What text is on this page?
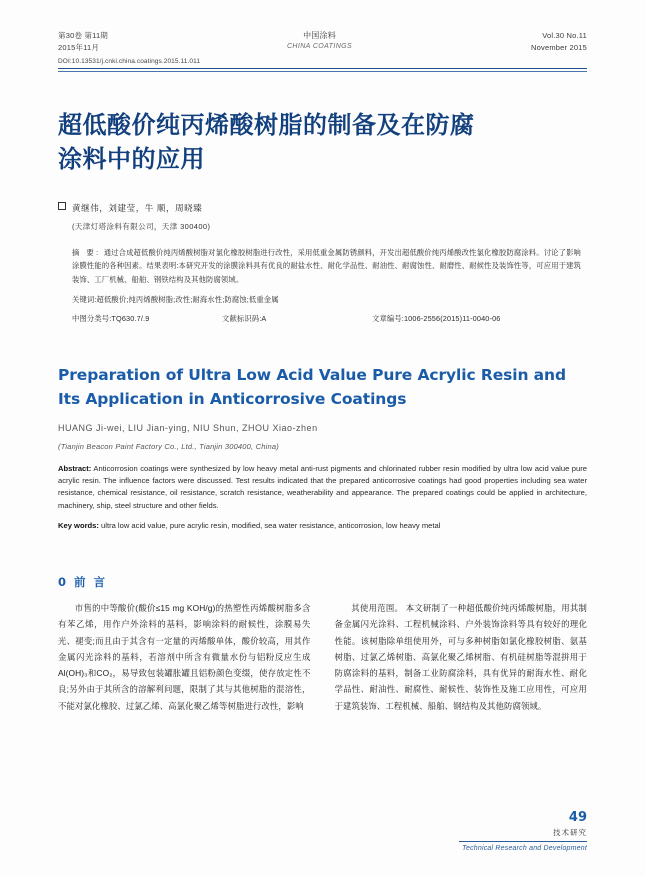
第30卷 第11期
2015年11月
中国涂料
CHINA COATINGS
Vol.30 No.11
November 2015
DOI:10.13531/j.cnki.china.coatings.2015.11.011
超低酸价纯丙烯酸树脂的制备及在防腐
涂料中的应用
黄继伟，刘建莹，牛 顺，周晓臻
(天津灯塔涂料有限公司，天津 300400)
摘 要: 通过合成超低酸价纯丙烯酸树脂对氯化橡胶树脂进行改性，采用低重金属防锈颜料，开发出超低酸价纯丙烯酸改性氯化橡胶防腐涂料。讨论了影响涂膜性能的各种因素。结果表明:本研究开发的涂膜涂料具有优良的耐盐水性、耐化学品性、耐油性、耐腐蚀性、耐磨性、耐候性及装饰性等，可应用于建筑装饰、工厂机械、船舶、钢铁结构及其他防腐领域。
关键词:超低酸价;纯丙烯酸树脂;改性;耐海水性;防腐蚀;低重金属
中图分类号:TQ630.7/.9	文献标识码:A	文章编号:1006-2556(2015)11-0040-06
Preparation of Ultra Low Acid Value Pure Acrylic Resin and
Its Application in Anticorrosive Coatings
HUANG Ji-wei, LIU Jian-ying, NIU Shun, ZHOU Xiao-zhen
(Tianjin Beacon Paint Factory Co., Ltd., Tianjin 300400, China)
Abstract: Anticorrosion coatings were synthesized by low heavy metal anti-rust pigments and chlorinated rubber resin modified by ultra low acid value pure acrylic resin. The influence factors were discussed. Test results indicated that the prepared anticorrosive coatings had good properties including sea water resistance, chemical resistance, oil resistance, scratch resistance, weatherability and appearance. The prepared coatings could be applied in architecture, machinery, ship, steel structure and other fields.
Key words: ultra low acid value, pure acrylic resin, modified, sea water resistance, anticorrosion, low heavy metal
0 前 言

市售的中等酸价(酸价≤15 mg KOH/g)的热塑性丙烯酸树脂多含有苯乙烯，用作户外涂料的基料，影响涂料的耐候性，涂膜易失光、褪变;而且由于其含有一定量的丙烯酸单体，酸价较高，用其作金属闪光涂料的基料，若溶剂中所含有微量水份与铝粉反应生成Al(OH)₃和CO₂，易导致包装罐胀罐且铝粉颜色变缀，使存放定性不良;另外由于其所含的溶解利问题，限制了其与其他树脂的混溶性，不能对氯化橡胶、过氯乙烯、高氯化聚乙烯等树脂进行改性，影响

其使用范围。 本文研制了一种超低酸价纯丙烯酸树脂，用其制备金属闪光涂料、工程机械涂料、户外装饰涂料等具有较好的理化性能。该树脂除单组使用外，可与多种树脂如氯化橡胶树脂、氨基树脂、过氯乙烯树脂、高氯化聚乙烯树脂、有机硅树脂等混拼用于防腐涂料的基料，制备工业防腐涂料，具有优异的耐海水性、耐化学品性、耐油性、耐腐性、耐候性、装饰性及施工应用性，可应用于建筑装饰、工程机械、船舶、钢结构及其他防腐领域。

49
技术研究
Technical Research and Development
